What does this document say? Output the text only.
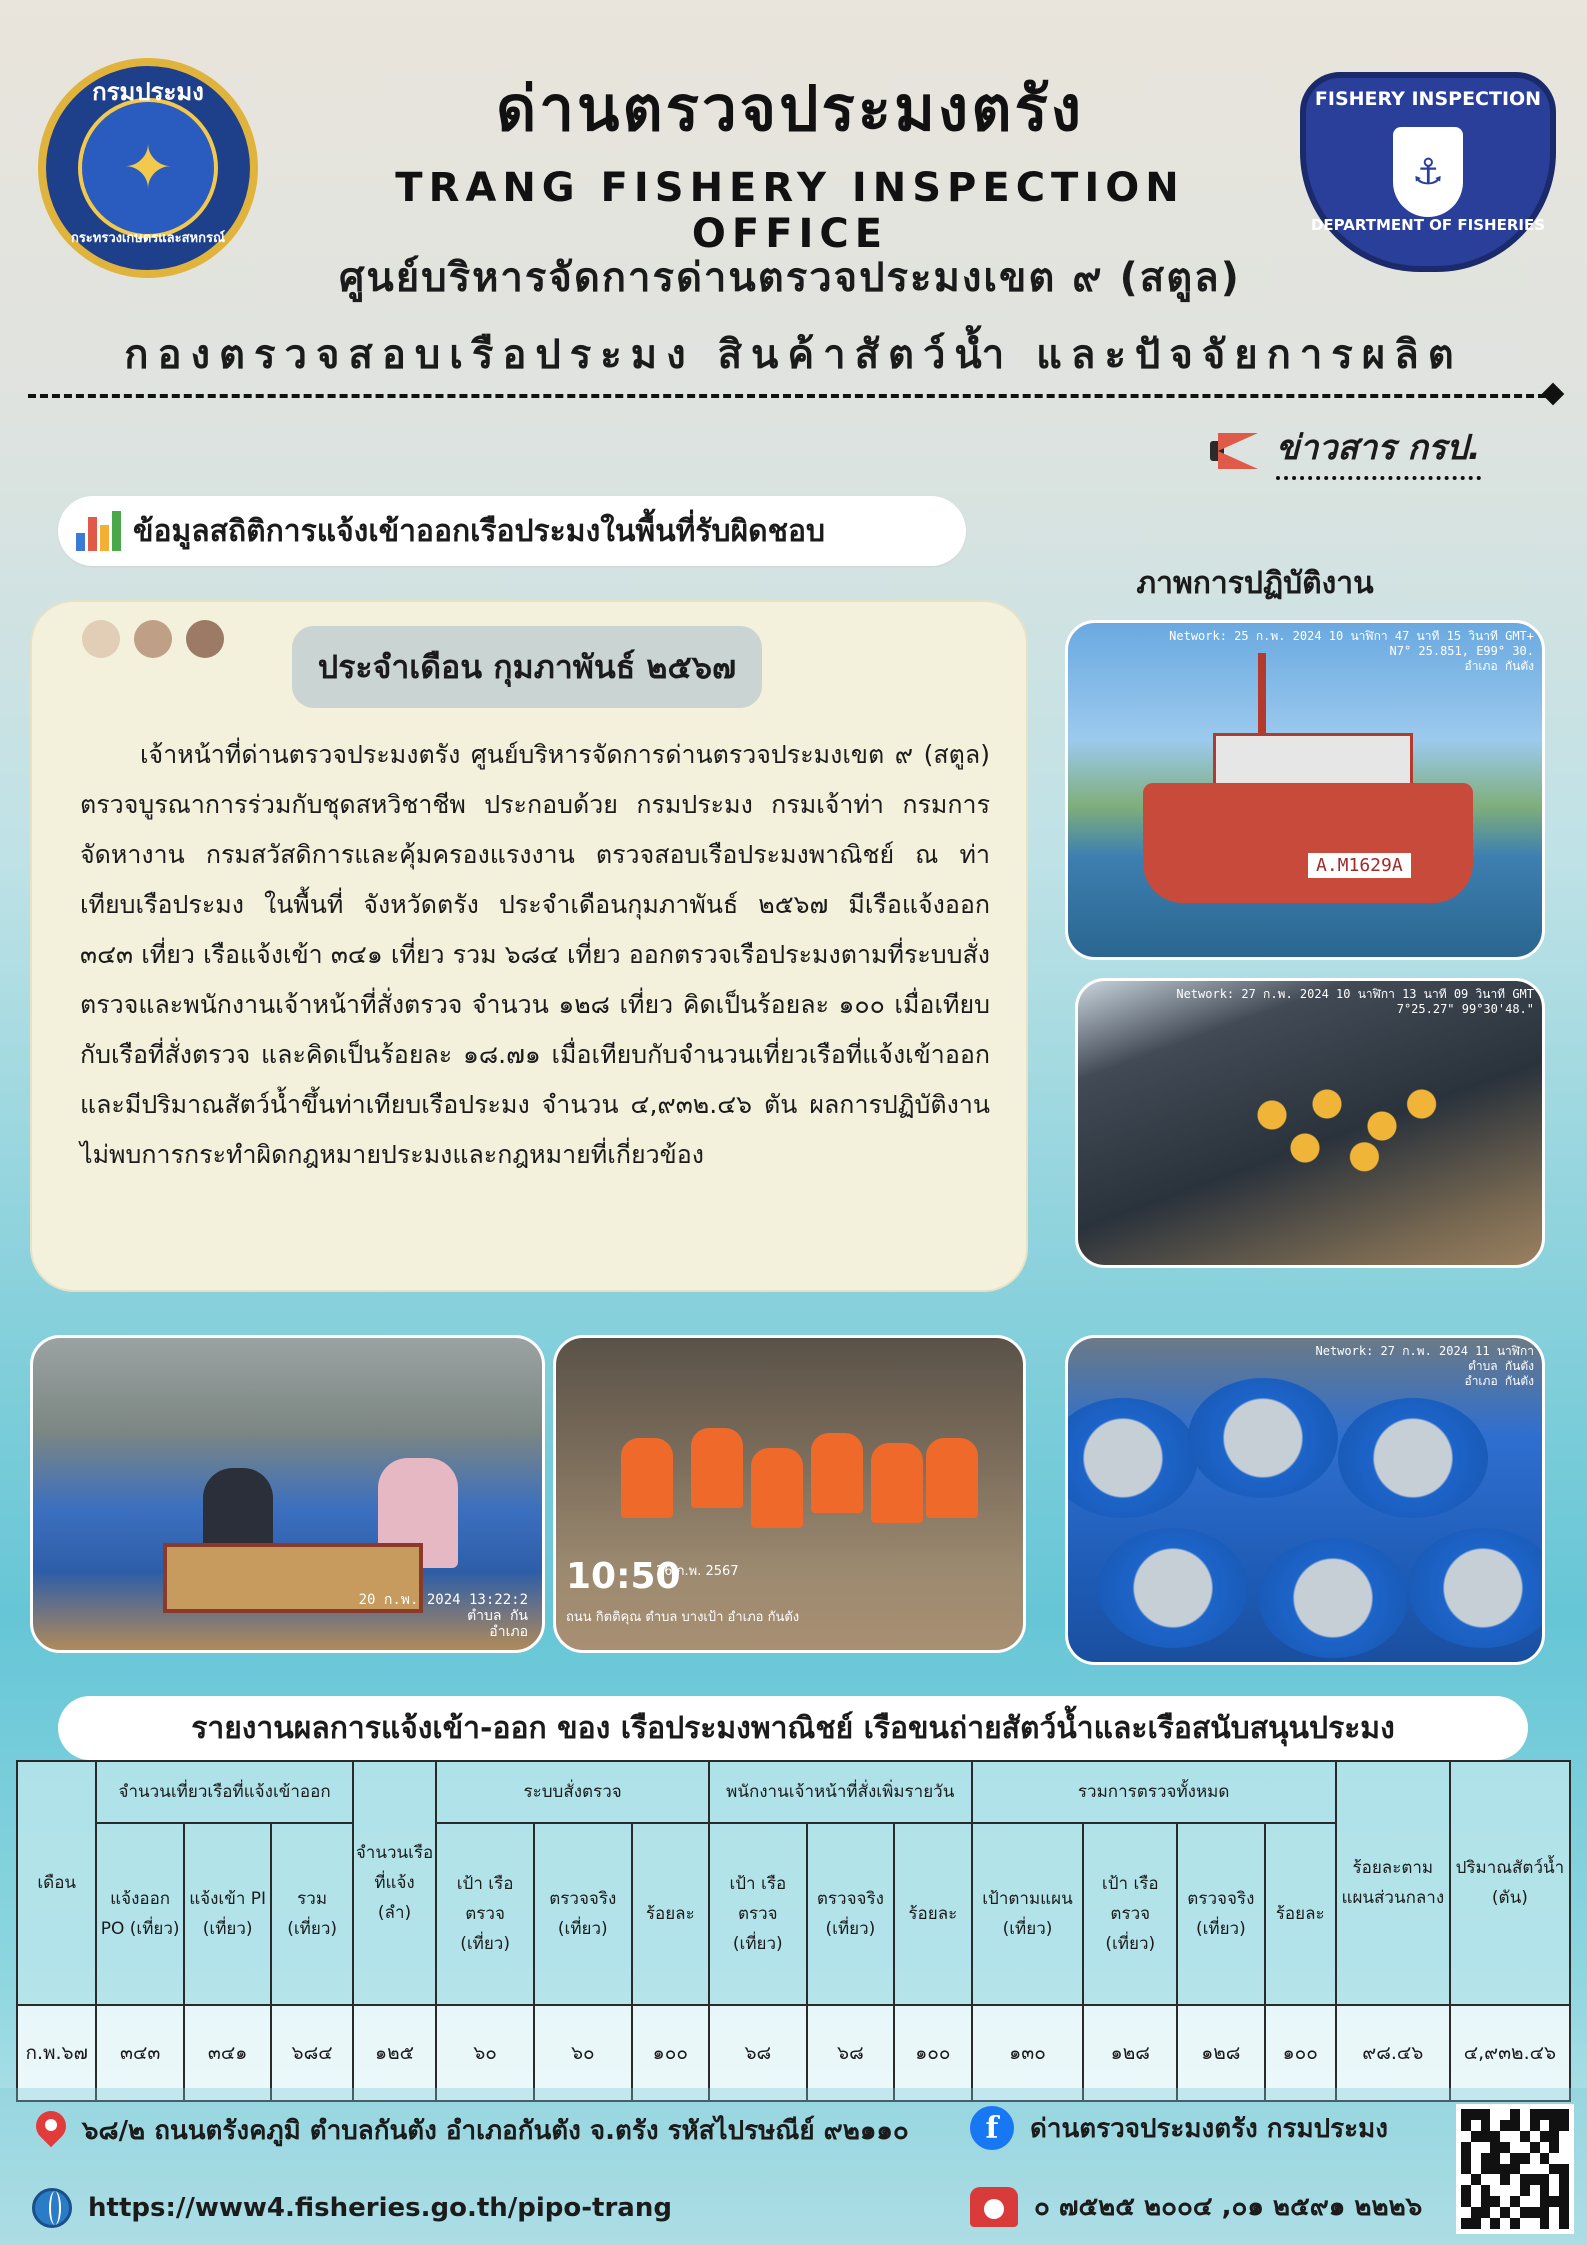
กรมประมง
✦
กระทรวงเกษตรและสหกรณ์
FISHERY INSPECTION
⚓
DEPARTMENT OF FISHERIES
ด่านตรวจประมงตรัง
TRANG FISHERY INSPECTION OFFICE
ศูนย์บริหารจัดการด่านตรวจประมงเขต ๙ (สตูล)
กองตรวจสอบเรือประมง สินค้าสัตว์น้ำ และปัจจัยการผลิต
ข่าวสาร กรป.
ข้อมูลสถิติการแจ้งเข้าออกเรือประมงในพื้นที่รับผิดชอบ
ภาพการปฏิบัติงาน
ประจำเดือน กุมภาพันธ์ ๒๕๖๗

เจ้าหน้าที่ด่านตรวจประมงตรัง ศูนย์บริหารจัดการด่านตรวจประมงเขต ๙ (สตูล) ตรวจบูรณาการร่วมกับชุดสหวิชาชีพ ประกอบด้วย กรมประมง กรมเจ้าท่า กรมการจัดหางาน กรมสวัสดิการและคุ้มครองแรงงาน ตรวจสอบเรือประมงพาณิชย์ ณ ท่าเทียบเรือประมง ในพื้นที่ จังหวัดตรัง ประจำเดือนกุมภาพันธ์ ๒๕๖๗ มีเรือแจ้งออก ๓๔๓ เที่ยว เรือแจ้งเข้า ๓๔๑ เที่ยว รวม ๖๘๔ เที่ยว ออกตรวจเรือประมงตามที่ระบบสั่งตรวจและพนักงานเจ้าหน้าที่สั่งตรวจ จำนวน ๑๒๘ เที่ยว คิดเป็นร้อยละ ๑๐๐ เมื่อเทียบกับเรือที่สั่งตรวจ และคิดเป็นร้อยละ ๑๘.๗๑ เมื่อเทียบกับจำนวนเที่ยวเรือที่แจ้งเข้าออก และมีปริมาณสัตว์น้ำขึ้นท่าเทียบเรือประมง จำนวน ๔,๙๓๒.๔๖ ตัน ผลการปฏิบัติงานไม่พบการกระทำผิดกฎหมายประมงและกฎหมายที่เกี่ยวข้อง

A.M1629A
Network: 25 ก.พ. 2024 10 นาฬิกา 47 นาที 15 วินาที GMT+
N7° 25.851, E99° 30.
อำเภอ กันตัง
Network: 27 ก.พ. 2024 10 นาฬิกา 13 นาที 09 วินาที GMT
7°25.27" 99°30'48."
20 ก.พ. 2024 13:22:2
ตำบล กัน
อำเภอ
10:50
26 ก.พ. 2567
ถนน กิตติคุณ ตำบล บางเป้า อำเภอ กันตัง
Network: 27 ก.พ. 2024 11 นาฬิกา
ตำบล กันตัง
อำเภอ กันตัง
รายงานผลการแจ้งเข้า-ออก ของ เรือประมงพาณิชย์ เรือขนถ่ายสัตว์น้ำและเรือสนับสนุนประมง
เดือน	จำนวนเที่ยวเรือที่แจ้งเข้าออก			จำนวนเรือที่แจ้ง (ลำ)	ระบบสั่งตรวจ			พนักงานเจ้าหน้าที่สั่งเพิ่มรายวัน			รวมการตรวจทั้งหมด				ร้อยละตามแผนส่วนกลาง	ปริมาณสัตว์น้ำ (ตัน)
	แจ้งออก PO (เที่ยว)	แจ้งเข้า PI (เที่ยว)	รวม (เที่ยว)		เป้า เรือตรวจ (เที่ยว)	ตรวจจริง (เที่ยว)	ร้อยละ	เป้า เรือตรวจ (เที่ยว)	ตรวจจริง (เที่ยว)	ร้อยละ	เป้าตามแผน (เที่ยว)	เป้า เรือตรวจ (เที่ยว)	ตรวจจริง (เที่ยว)	ร้อยละ		
ก.พ.๖๗	๓๔๓	๓๔๑	๖๘๔	๑๒๕	๖๐	๖๐	๑๐๐	๖๘	๖๘	๑๐๐	๑๓๐	๑๒๘	๑๒๘	๑๐๐	๙๘.๔๖	๔,๙๓๒.๔๖
๖๘/๒ ถนนตรังคภูมิ ตำบลกันตัง อำเภอกันตัง จ.ตรัง รหัสไปรษณีย์ ๙๒๑๑๐	f	ด่านตรวจประมงตรัง กรมประมง
https://www4.fisheries.go.th/pipo-trang	๐ ๗๕๒๕ ๒๐๐๔ ,๐๑ ๒๕๙๑ ๒๒๒๖
